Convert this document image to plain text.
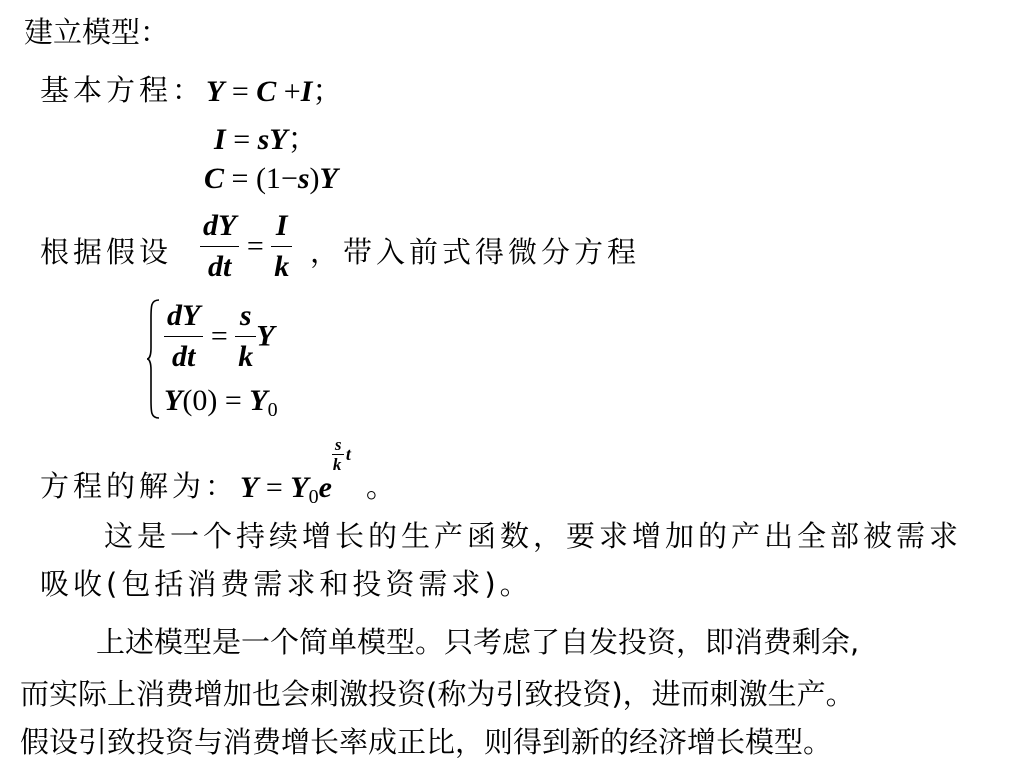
建立模型：
基本方程： Y = C +I；
I = sY；
C = (1−s)Y
根据假设 $\frac{dY}{dt} = \frac{I}{k}$ ，带入前式得微分方程
$\frac{dY}{dt} = \frac{s}{k}$ Y
$Y(0) = Y_0$
方程的解为： $Y = Y_0e$
s
k
t
。
这是一个持续增长的生产函数，要求增加的产出全部被需求
吸收(包括消费需求和投资需求)。
上述模型是一个简单模型。只考虑了自发投资，即消费剩余,
而实际上消费增加也会刺激投资(称为引致投资)，进而刺激生产。
假设引致投资与消费增长率成正比，则得到新的经济增长模型。
